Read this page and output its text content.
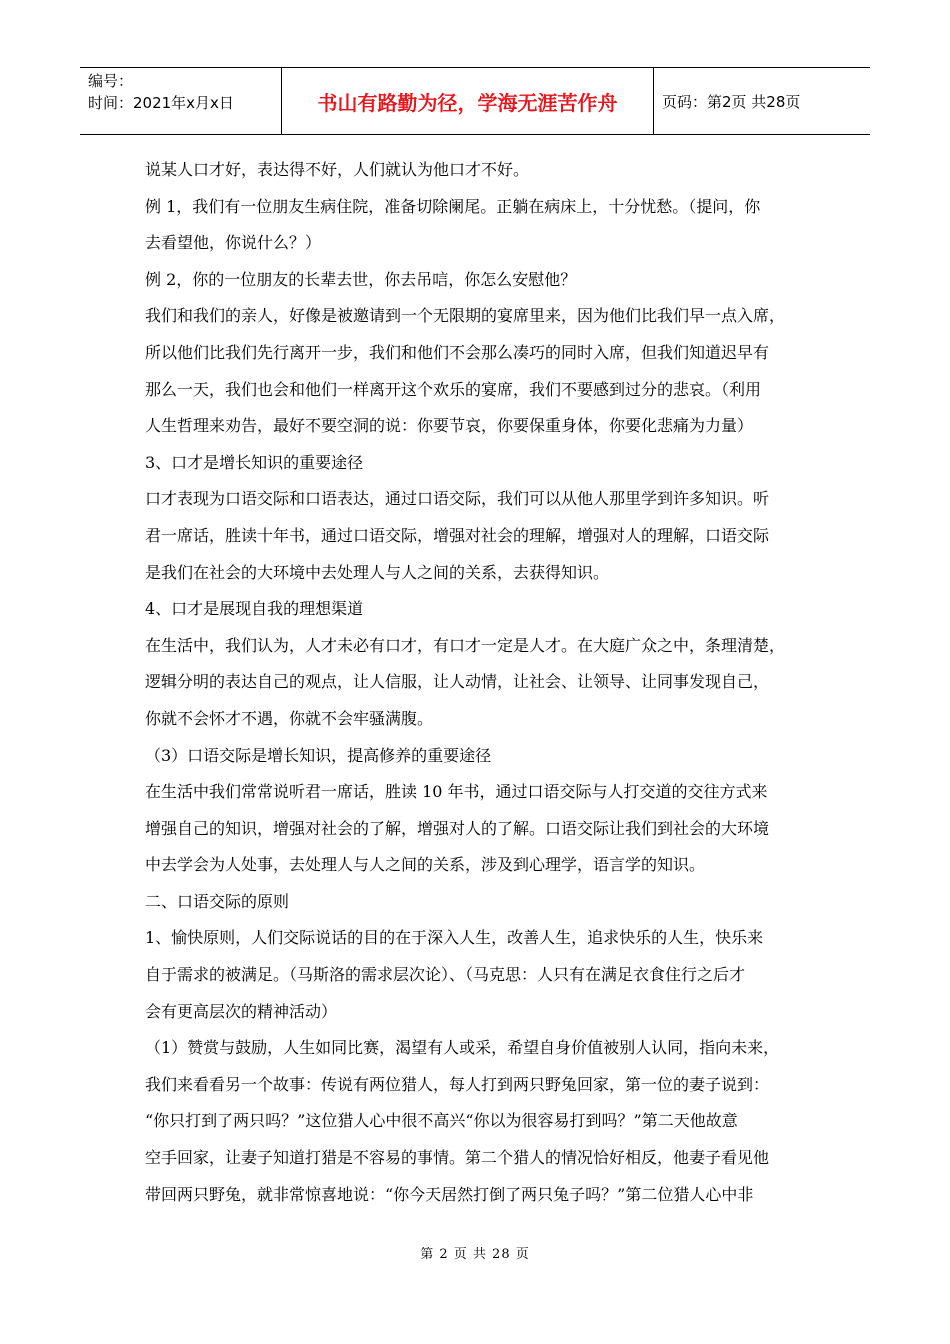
编号：
时间：2021年x月x日	书山有路勤为径，学海无涯苦作舟	页码：第2页 共28页

说某人口才好，表达得不好，人们就认为他口才不好。

例 1，我们有一位朋友生病住院，准备切除阑尾。正躺在病床上，十分忧愁。（提问，你

去看望他，你说什么？）

例 2，你的一位朋友的长辈去世，你去吊唁，你怎么安慰他？

我们和我们的亲人，好像是被邀请到一个无限期的宴席里来，因为他们比我们早一点入席，

所以他们比我们先行离开一步，我们和他们不会那么凑巧的同时入席，但我们知道迟早有

那么一天，我们也会和他们一样离开这个欢乐的宴席，我们不要感到过分的悲哀。（利用

人生哲理来劝告，最好不要空洞的说：你要节哀，你要保重身体，你要化悲痛为力量）

3、口才是增长知识的重要途径

口才表现为口语交际和口语表达，通过口语交际，我们可以从他人那里学到许多知识。听

君一席话，胜读十年书，通过口语交际，增强对社会的理解，增强对人的理解，口语交际

是我们在社会的大环境中去处理人与人之间的关系，去获得知识。

4、口才是展现自我的理想渠道

在生活中，我们认为，人才未必有口才，有口才一定是人才。在大庭广众之中，条理清楚，

逻辑分明的表达自己的观点，让人信服，让人动情，让社会、让领导、让同事发现自己，

你就不会怀才不遇，你就不会牢骚满腹。

（3）口语交际是增长知识，提高修养的重要途径

在生活中我们常常说听君一席话，胜读 10 年书，通过口语交际与人打交道的交往方式来

增强自己的知识，增强对社会的了解，增强对人的了解。口语交际让我们到社会的大环境

中去学会为人处事，去处理人与人之间的关系，涉及到心理学，语言学的知识。

二、口语交际的原则

1、愉快原则，人们交际说话的目的在于深入人生，改善人生，追求快乐的人生，快乐来

自于需求的被满足。（马斯洛的需求层次论）、（马克思：人只有在满足衣食住行之后才

会有更高层次的精神活动）

（1）赞赏与鼓励，人生如同比赛，渴望有人或采，希望自身价值被别人认同，指向未来，

我们来看看另一个故事：传说有两位猎人，每人打到两只野兔回家，第一位的妻子说到：

“你只打到了两只吗？”这位猎人心中很不高兴“你以为很容易打到吗？”第二天他故意

空手回家，让妻子知道打猎是不容易的事情。第二个猎人的情况恰好相反，他妻子看见他

带回两只野兔，就非常惊喜地说：“你今天居然打倒了两只兔子吗？”第二位猎人心中非

第 2 页 共 28 页
